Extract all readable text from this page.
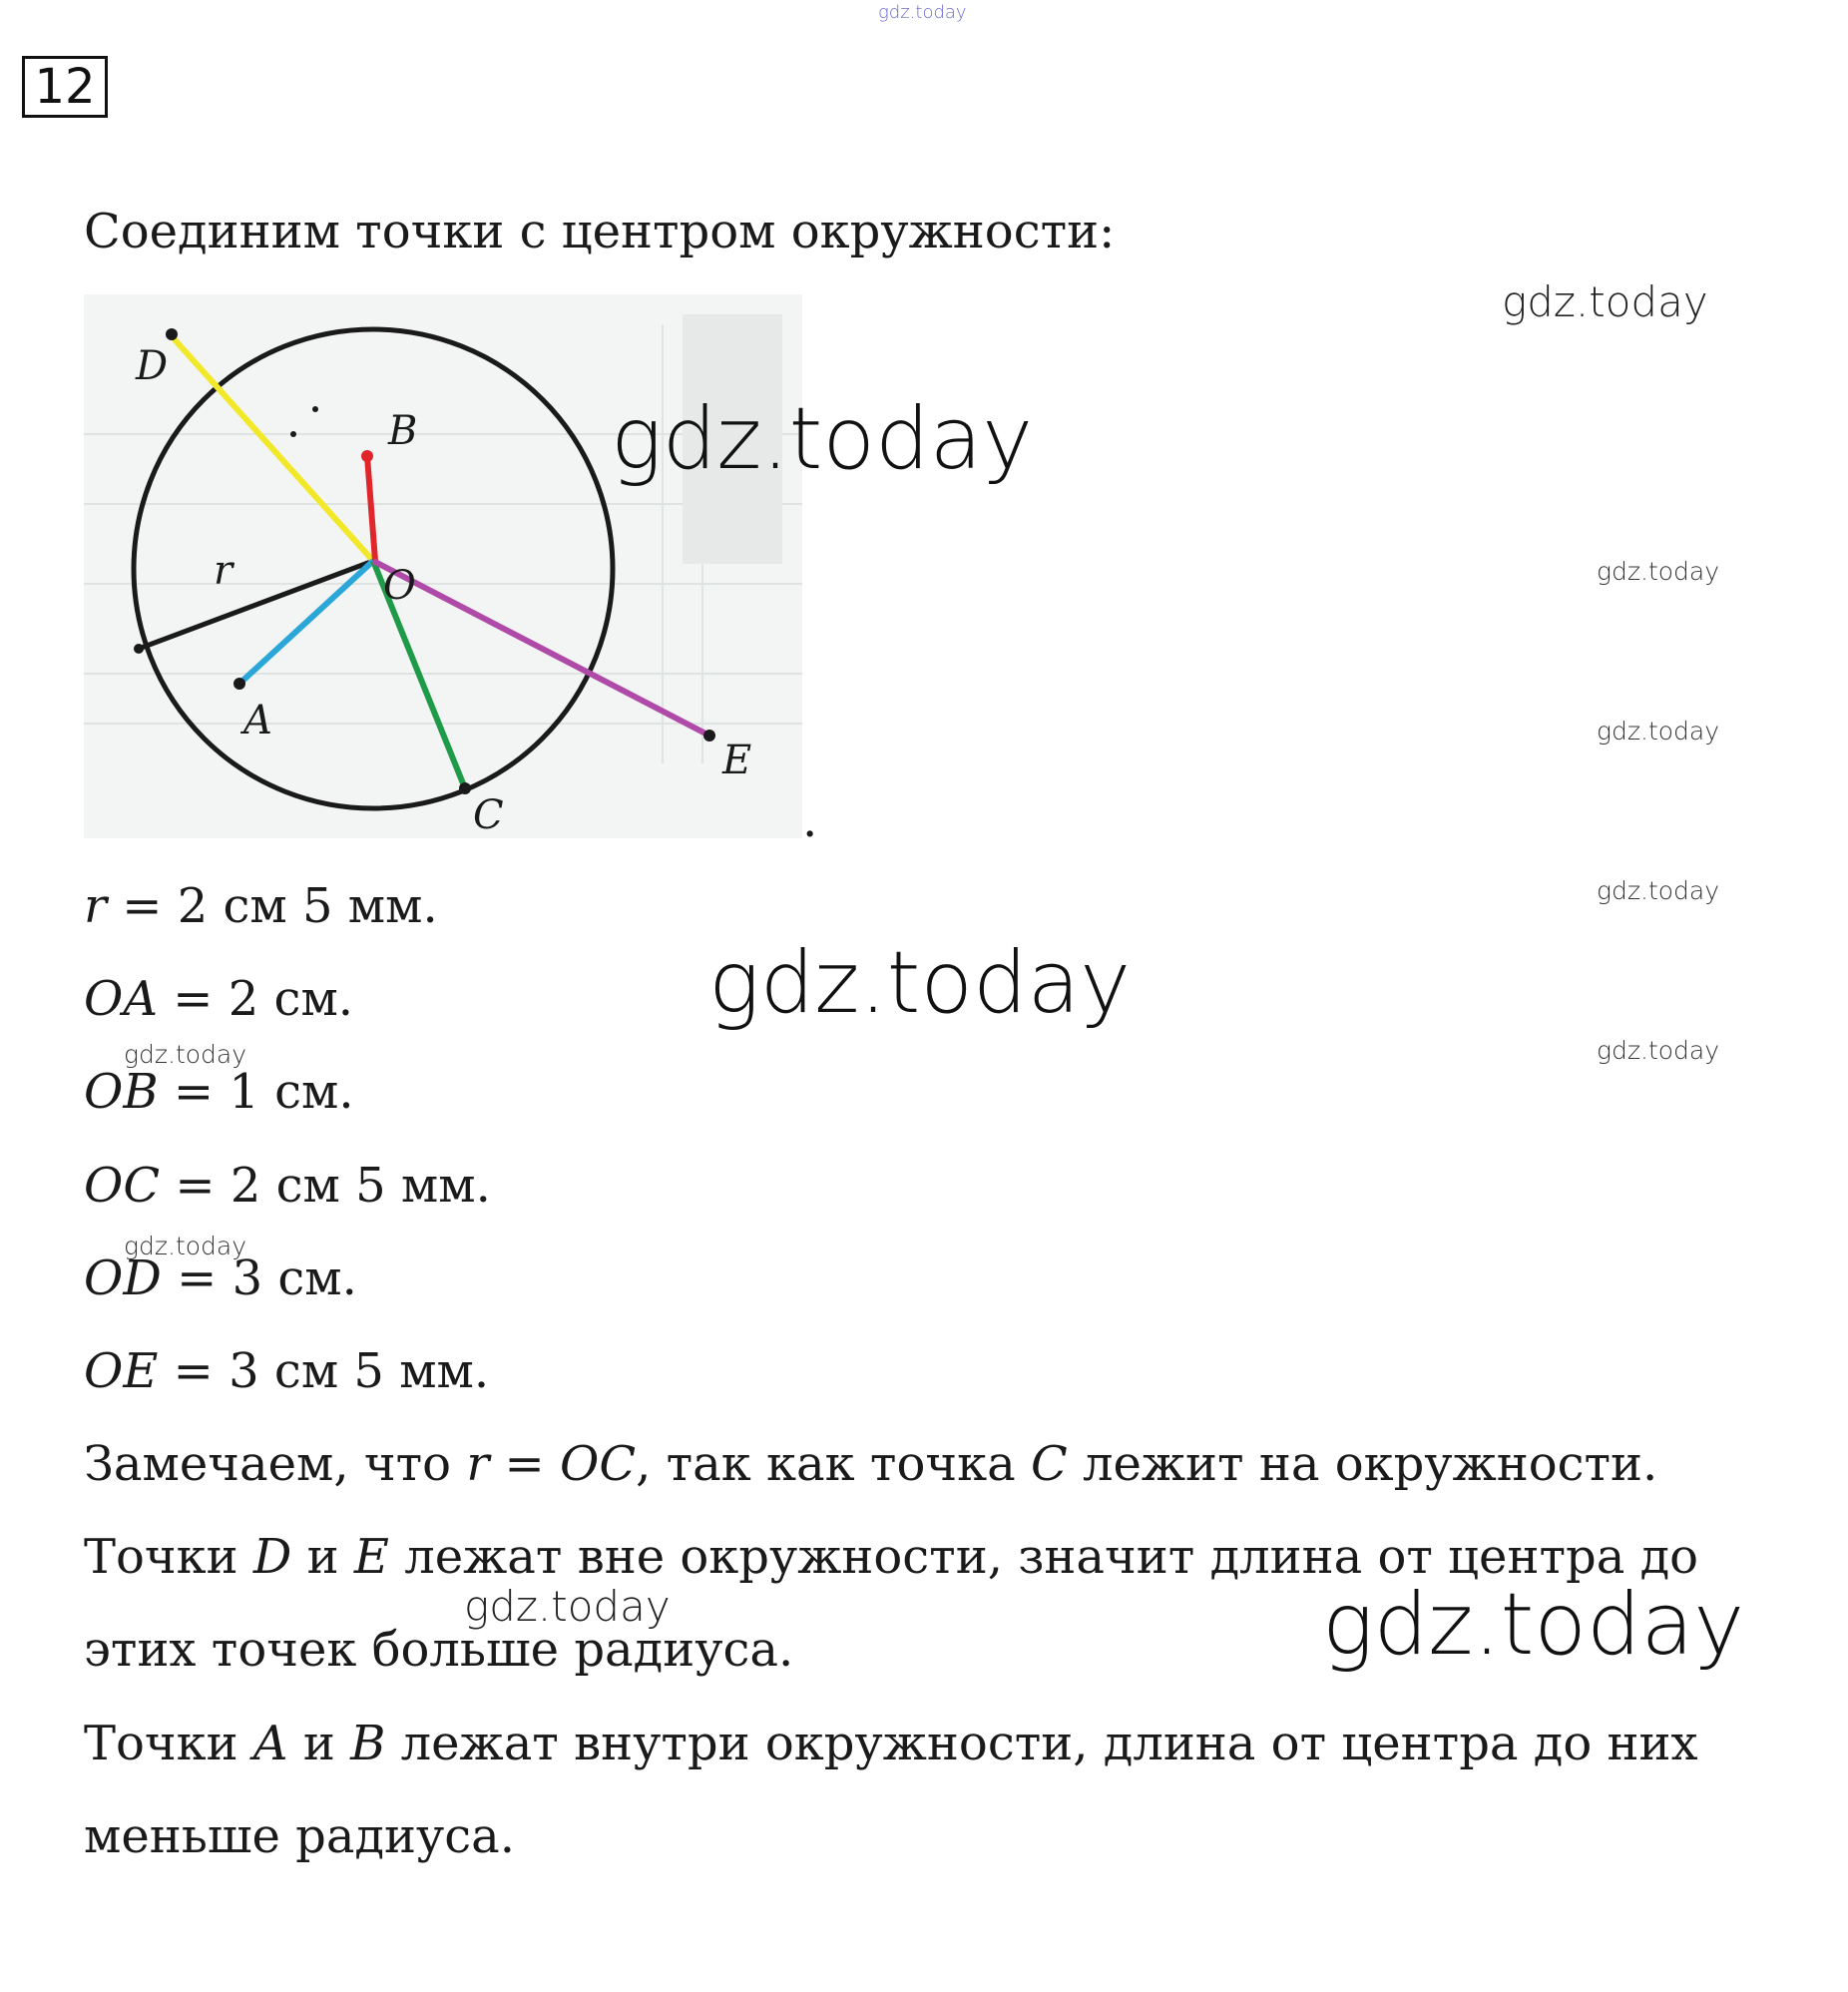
gdz.today
12
Соединим точки с центром окружности:
D
B
r	O
A
E
C	.
r = 2 см 5 мм.
OA = 2 см.
OB = 1 см.
OC = 2 см 5 мм.
OD = 3 см.
OE = 3 см 5 мм.
Замечаем, что r = OC, так как точка C лежит на окружности.
Точки D и E лежат вне окружности, значит длина от центра до
этих точек больше радиуса.
Точки A и B лежат внутри окружности, длина от центра до них
меньше радиуса.
gdz.today
gdz.today
gdz.today
gdz.today
gdz.today
gdz.today
gdz.today
gdz.today
gdz.today
gdz.today	gdz.today
